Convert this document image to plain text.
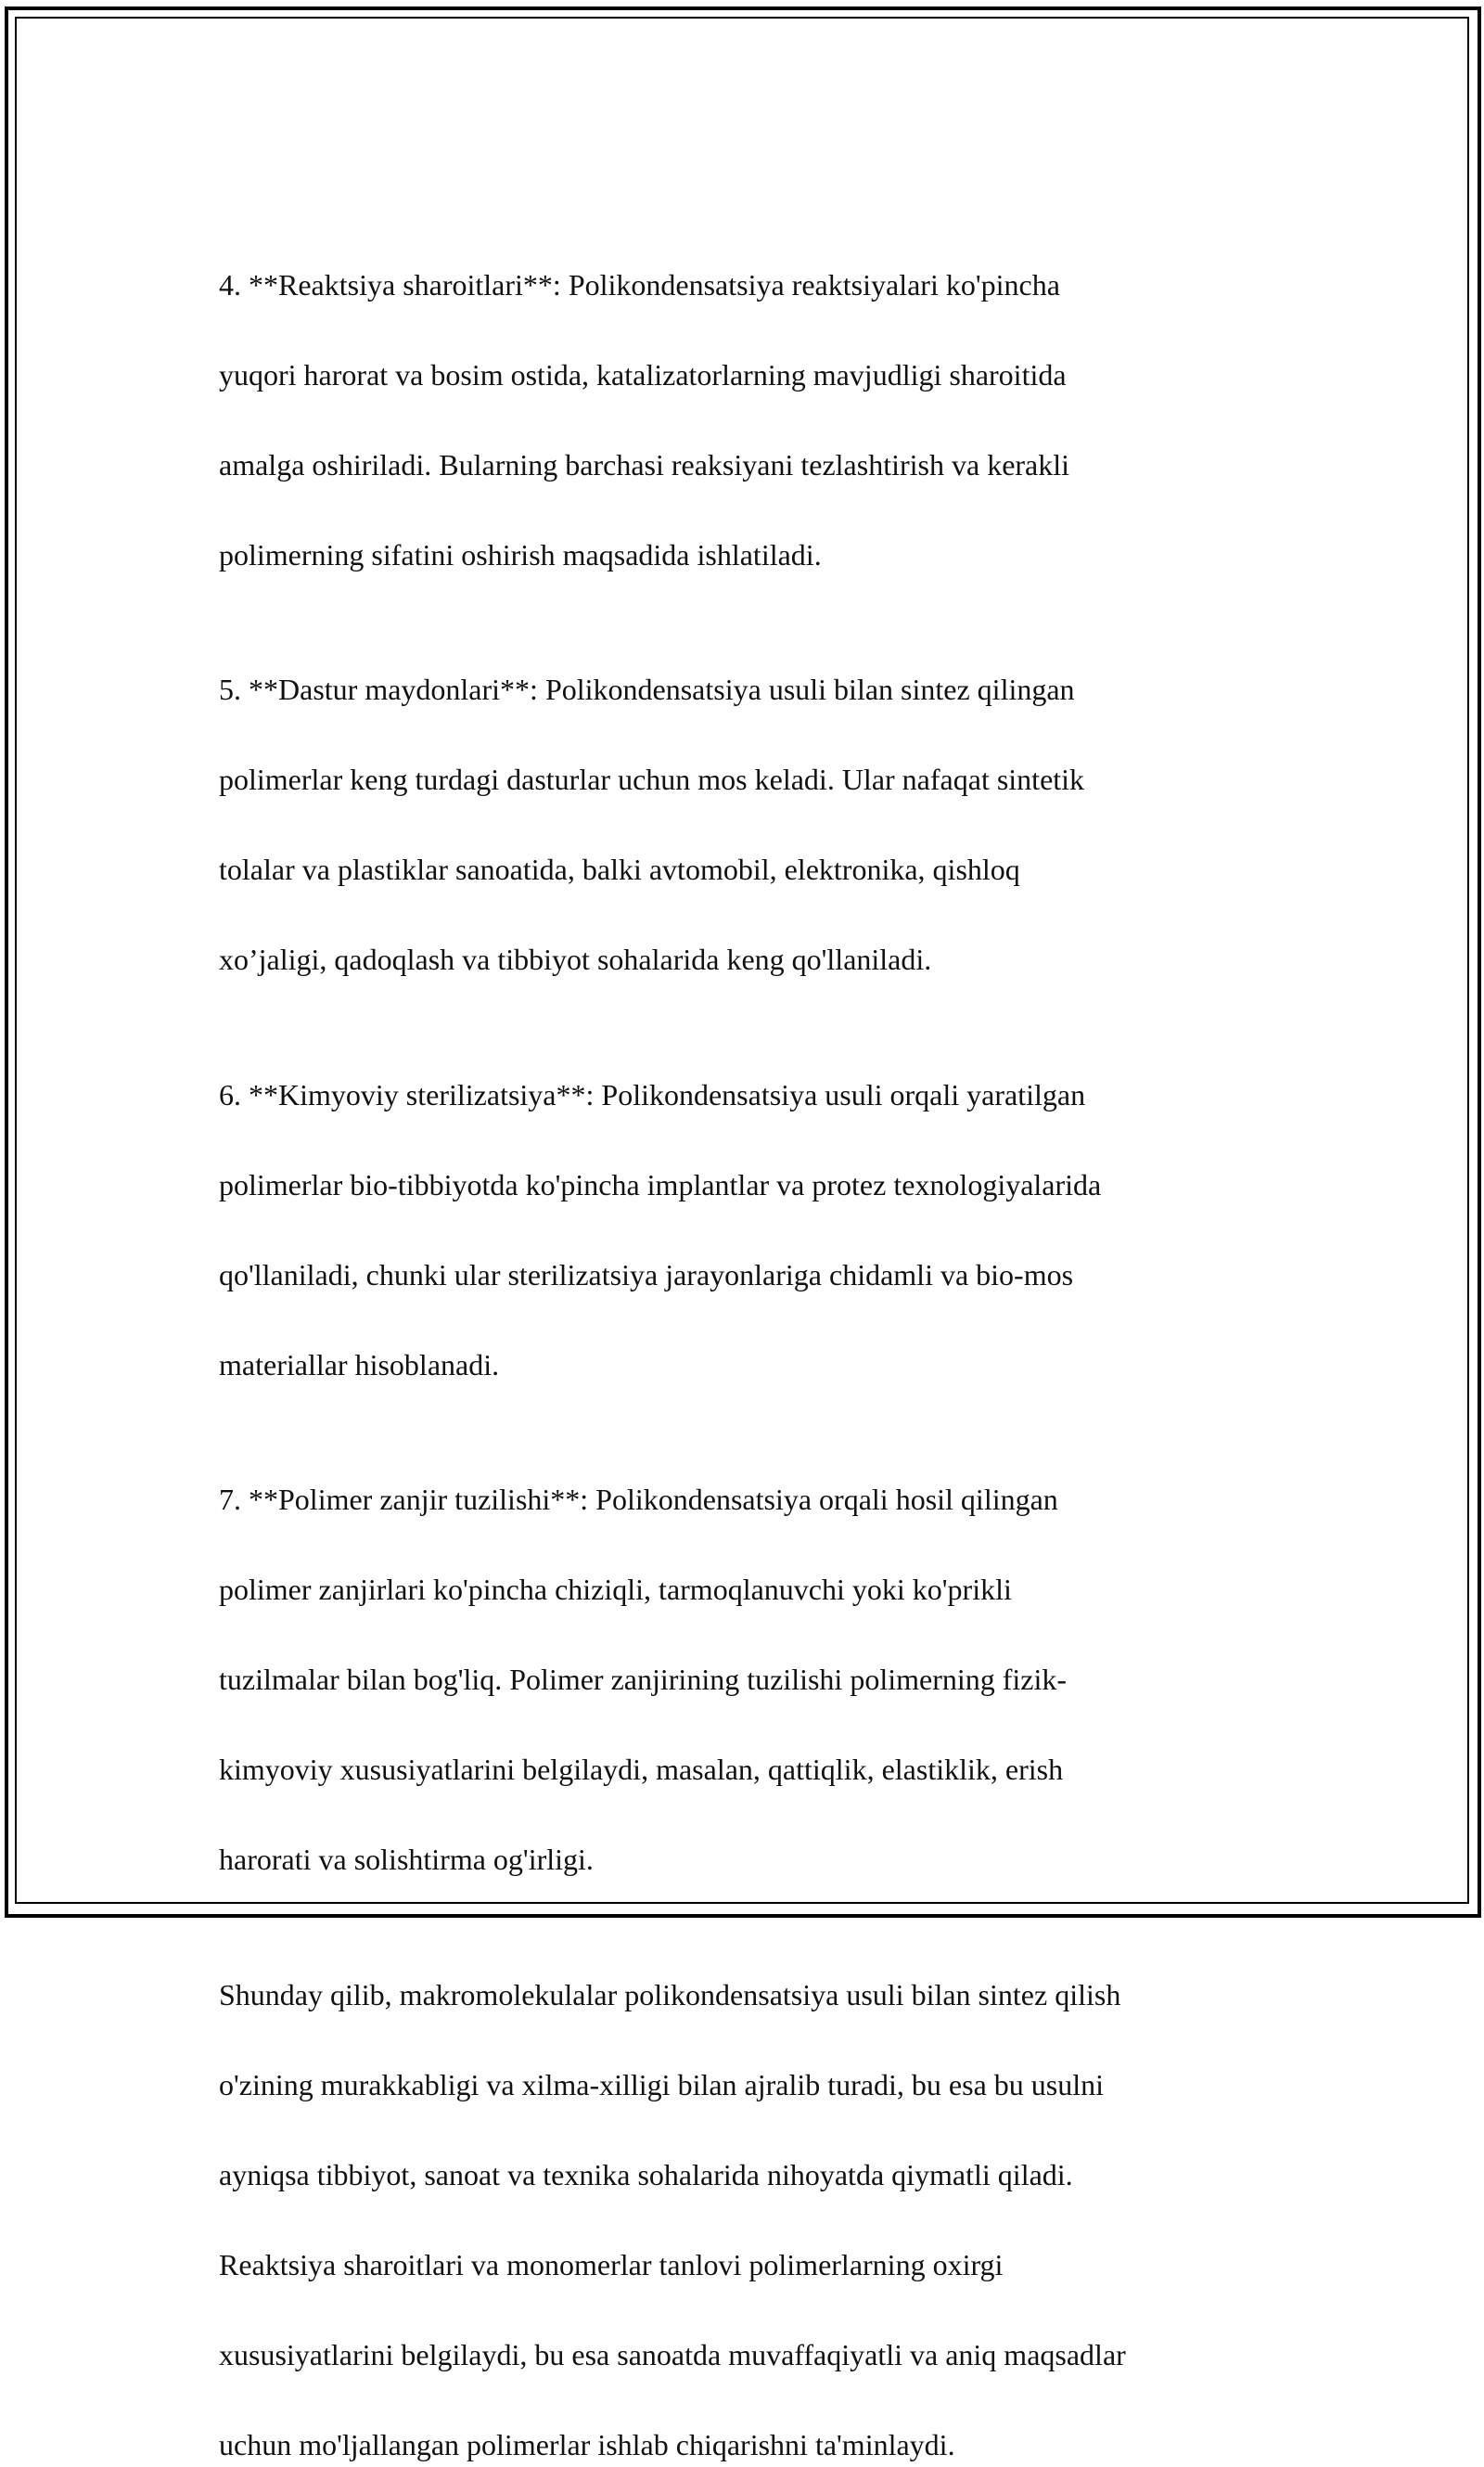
4. **Reaktsiya sharoitlari**: Polikondensatsiya reaktsiyalari ko'pincha

yuqori harorat va bosim ostida, katalizatorlarning mavjudligi sharoitida

amalga oshiriladi. Bularning barchasi reaksiyani tezlashtirish va kerakli

polimerning sifatini oshirish maqsadida ishlatiladi.

5. **Dastur maydonlari**: Polikondensatsiya usuli bilan sintez qilingan

polimerlar keng turdagi dasturlar uchun mos keladi. Ular nafaqat sintetik

tolalar va plastiklar sanoatida, balki avtomobil, elektronika, qishloq

xo’jaligi, qadoqlash va tibbiyot sohalarida keng qo'llaniladi.

6. **Kimyoviy sterilizatsiya**: Polikondensatsiya usuli orqali yaratilgan

polimerlar bio-tibbiyotda ko'pincha implantlar va protez texnologiyalarida

qo'llaniladi, chunki ular sterilizatsiya jarayonlariga chidamli va bio-mos

materiallar hisoblanadi.

7. **Polimer zanjir tuzilishi**: Polikondensatsiya orqali hosil qilingan

polimer zanjirlari ko'pincha chiziqli, tarmoqlanuvchi yoki ko'prikli

tuzilmalar bilan bog'liq. Polimer zanjirining tuzilishi polimerning fizik-

kimyoviy xususiyatlarini belgilaydi, masalan, qattiqlik, elastiklik, erish

harorati va solishtirma og'irligi.

Shunday qilib, makromolekulalar polikondensatsiya usuli bilan sintez qilish

o'zining murakkabligi va xilma-xilligi bilan ajralib turadi, bu esa bu usulni

ayniqsa tibbiyot, sanoat va texnika sohalarida nihoyatda qiymatli qiladi.

Reaktsiya sharoitlari va monomerlar tanlovi polimerlarning oxirgi

xususiyatlarini belgilaydi, bu esa sanoatda muvaffaqiyatli va aniq maqsadlar

uchun mo'ljallangan polimerlar ishlab chiqarishni ta'minlaydi.
